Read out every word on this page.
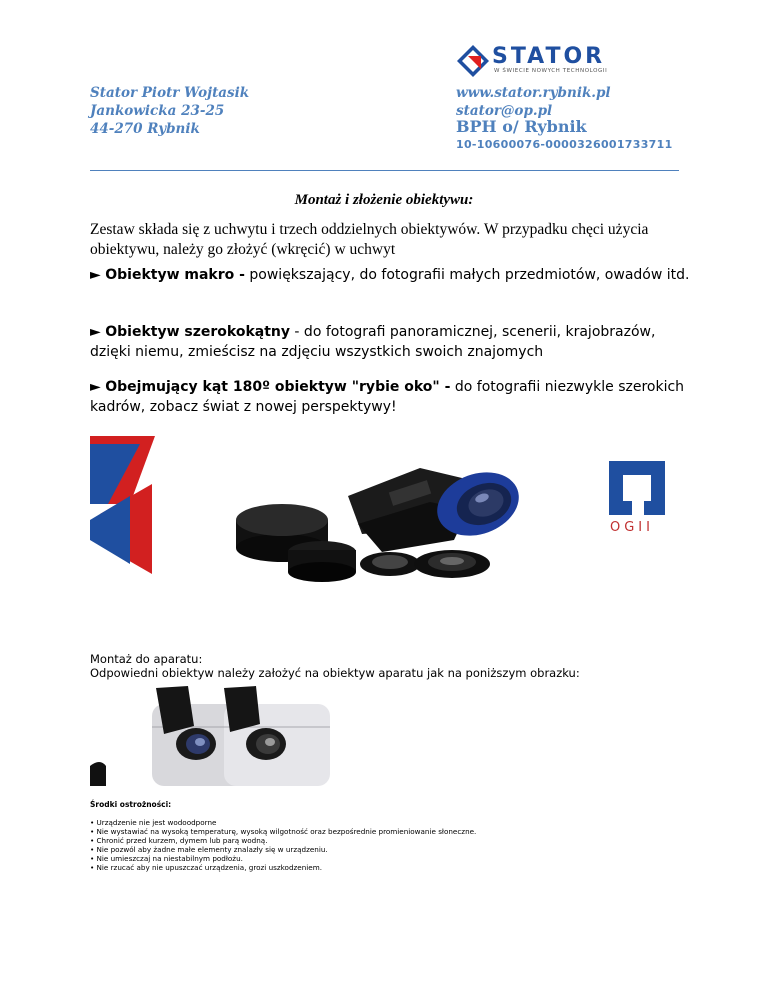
STATOR
W ŚWIECIE NOWYCH TECHNOLOGII
Stator Piotr Wojtasik
Jankowicka 23-25
44-270 Rybnik
www.stator.rybnik.pl
stator@op.pl
BPH o/ Rybnik
10-10600076-0000326001733711
Montaż i złożenie obiektywu:
Zestaw składa się z uchwytu i trzech oddzielnych obiektywów. W przypadku chęci użycia obiektywu, należy go złożyć (wkręcić) w uchwyt
► Obiektyw makro - powiększający, do fotografii małych przedmiotów, owadów itd.
► Obiektyw szerokokątny - do fotografi panoramicznej, scenerii, krajobrazów, dzięki niemu, zmieścisz na zdjęciu wszystkich swoich znajomych
► Obejmujący kąt 180º obiektyw "rybie oko" - do fotografii niezwykle szerokich kadrów, zobacz świat z nowej perspektywy!
OGII
Montaż do aparatu:
Odpowiedni obiektyw należy założyć na obiektyw aparatu jak na poniższym obrazku:
Środki ostrożności:
• Urządzenie nie jest wodoodporne
• Nie wystawiać na wysoką temperaturę, wysoką wilgotność oraz bezpośrednie promieniowanie słoneczne.
• Chronić przed kurzem, dymem lub parą wodną.
• Nie pozwól aby żadne małe elementy znalazły się w urządzeniu.
• Nie umieszczaj na niestabilnym podłożu.
• Nie rzucać aby nie upuszczać urządzenia, grozi uszkodzeniem.
